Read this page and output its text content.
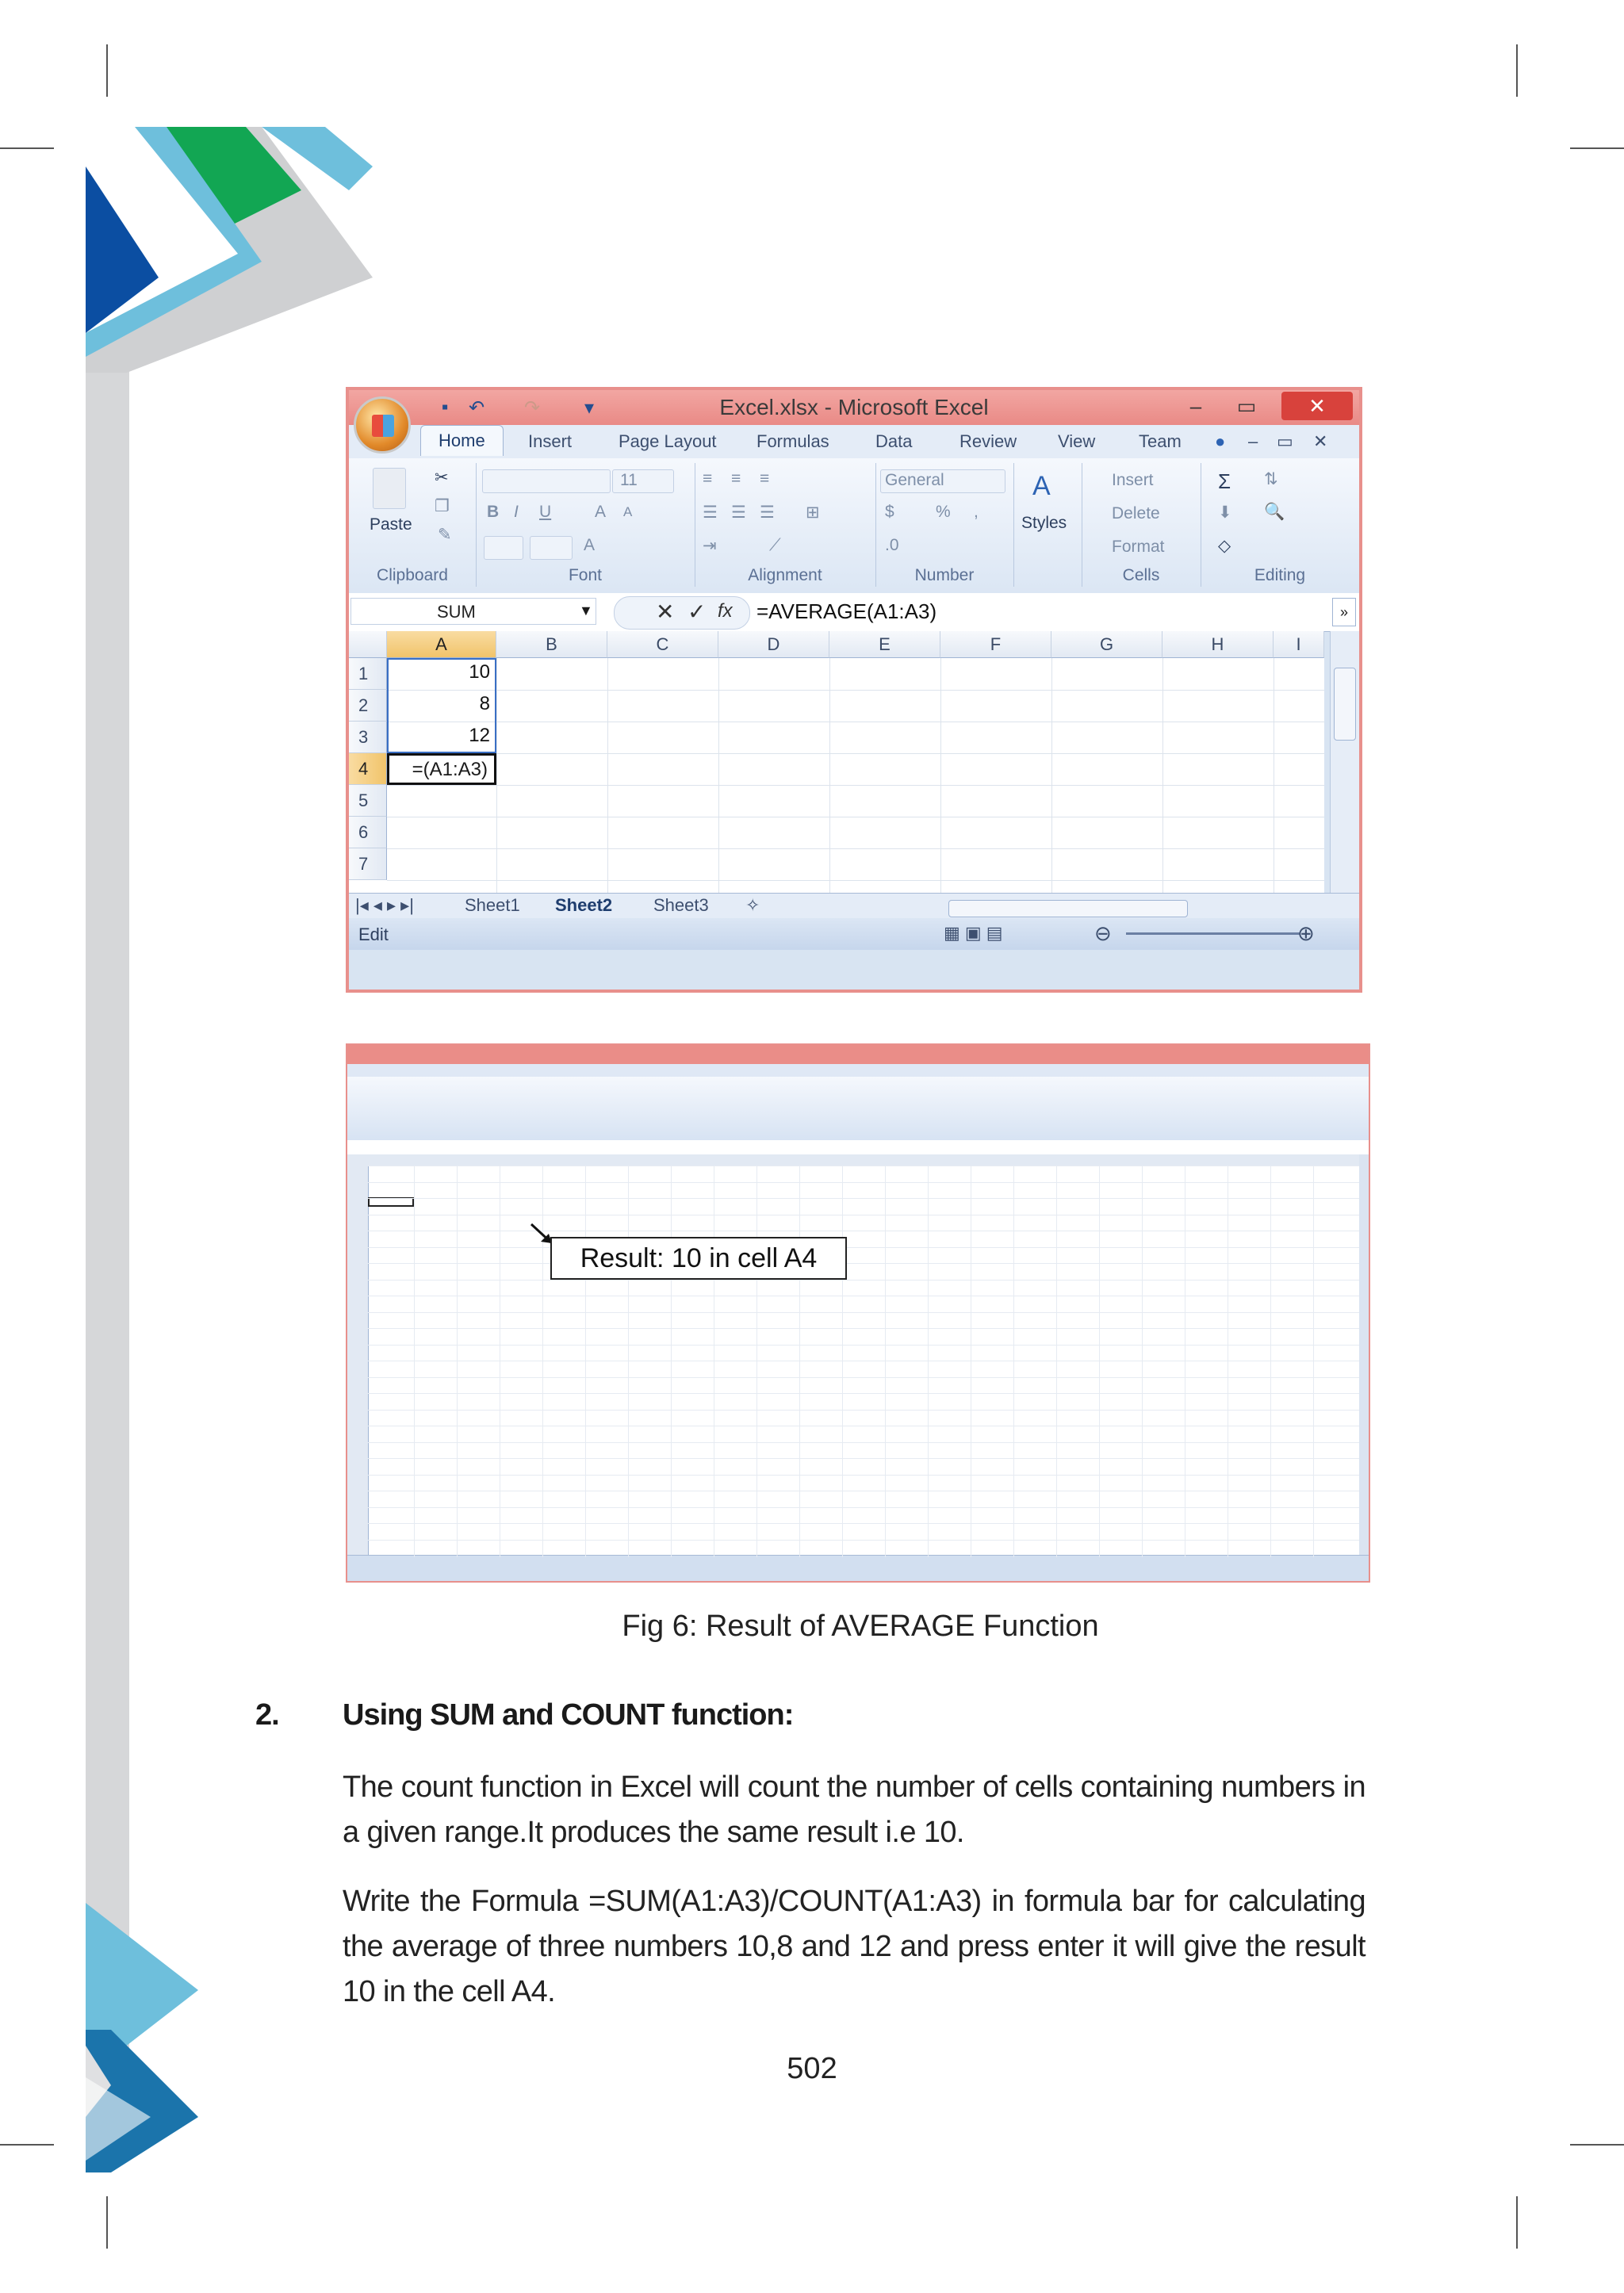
Excel.xlsx - Microsoft Excel	–	▭	✕
▪	↶ ↷	▾
Home	Insert	Page Layout Formulas	Data	Review View Team ● – ▭ ✕
Paste
✂
❐
✎
Clipboard
11
B I U	A A
A
Font
≡ ≡ ≡
☰ ☰ ☰ ⊞
⇥	⟋
Alignment
General
$ % ,
.0
Number
A
Styles
Insert
Delete
Format
Cells
Σ ⇅
⬇ 🔍
◇
Editing
SUM	▼	✕ ✓ fx =AVERAGE(A1:A3)	»
A	B	C	D	E	F	G	H	I
1
2
3
4
5
6
7
10
8
12
=(A1:A3)
|◂ ◂ ▸ ▸|	Sheet1 Sheet2 Sheet3 ✧
Edit	▦ ▣ ▤	⊖	⊕
Result: 10 in cell A4
Fig 6: Result of AVERAGE Function
2. Using SUM and COUNT function:
The count function in Excel will count the number of cells containing numbers in a given range.It produces the same result i.e 10.
Write the Formula =SUM(A1:A3)/COUNT(A1:A3) in formula bar for calculating the average of three numbers 10,8 and 12 and press enter it will give the result 10 in the cell A4.
502
